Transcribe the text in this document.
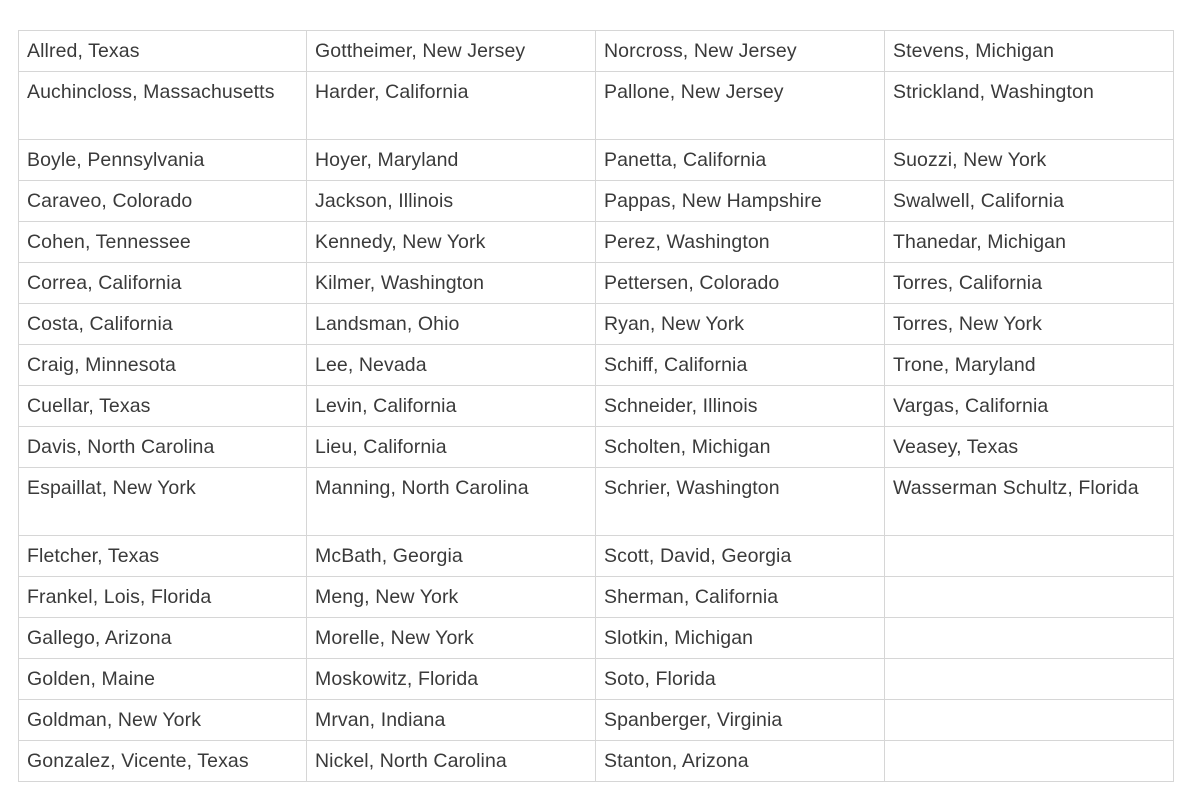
Allred, Texas	Gottheimer, New Jersey	Norcross, New Jersey	Stevens, Michigan
Auchincloss, Massachusetts	Harder, California	Pallone, New Jersey	Strickland, Washington
Boyle, Pennsylvania	Hoyer, Maryland	Panetta, California	Suozzi, New York
Caraveo, Colorado	Jackson, Illinois	Pappas, New Hampshire	Swalwell, California
Cohen, Tennessee	Kennedy, New York	Perez, Washington	Thanedar, Michigan
Correa, California	Kilmer, Washington	Pettersen, Colorado	Torres, California
Costa, California	Landsman, Ohio	Ryan, New York	Torres, New York
Craig, Minnesota	Lee, Nevada	Schiff, California	Trone, Maryland
Cuellar, Texas	Levin, California	Schneider, Illinois	Vargas, California
Davis, North Carolina	Lieu, California	Scholten, Michigan	Veasey, Texas
Espaillat, New York	Manning, North Carolina	Schrier, Washington	Wasserman Schultz, Florida
Fletcher, Texas	McBath, Georgia	Scott, David, Georgia	
Frankel, Lois, Florida	Meng, New York	Sherman, California	
Gallego, Arizona	Morelle, New York	Slotkin, Michigan	
Golden, Maine	Moskowitz, Florida	Soto, Florida	
Goldman, New York	Mrvan, Indiana	Spanberger, Virginia	
Gonzalez, Vicente, Texas	Nickel, North Carolina	Stanton, Arizona	
